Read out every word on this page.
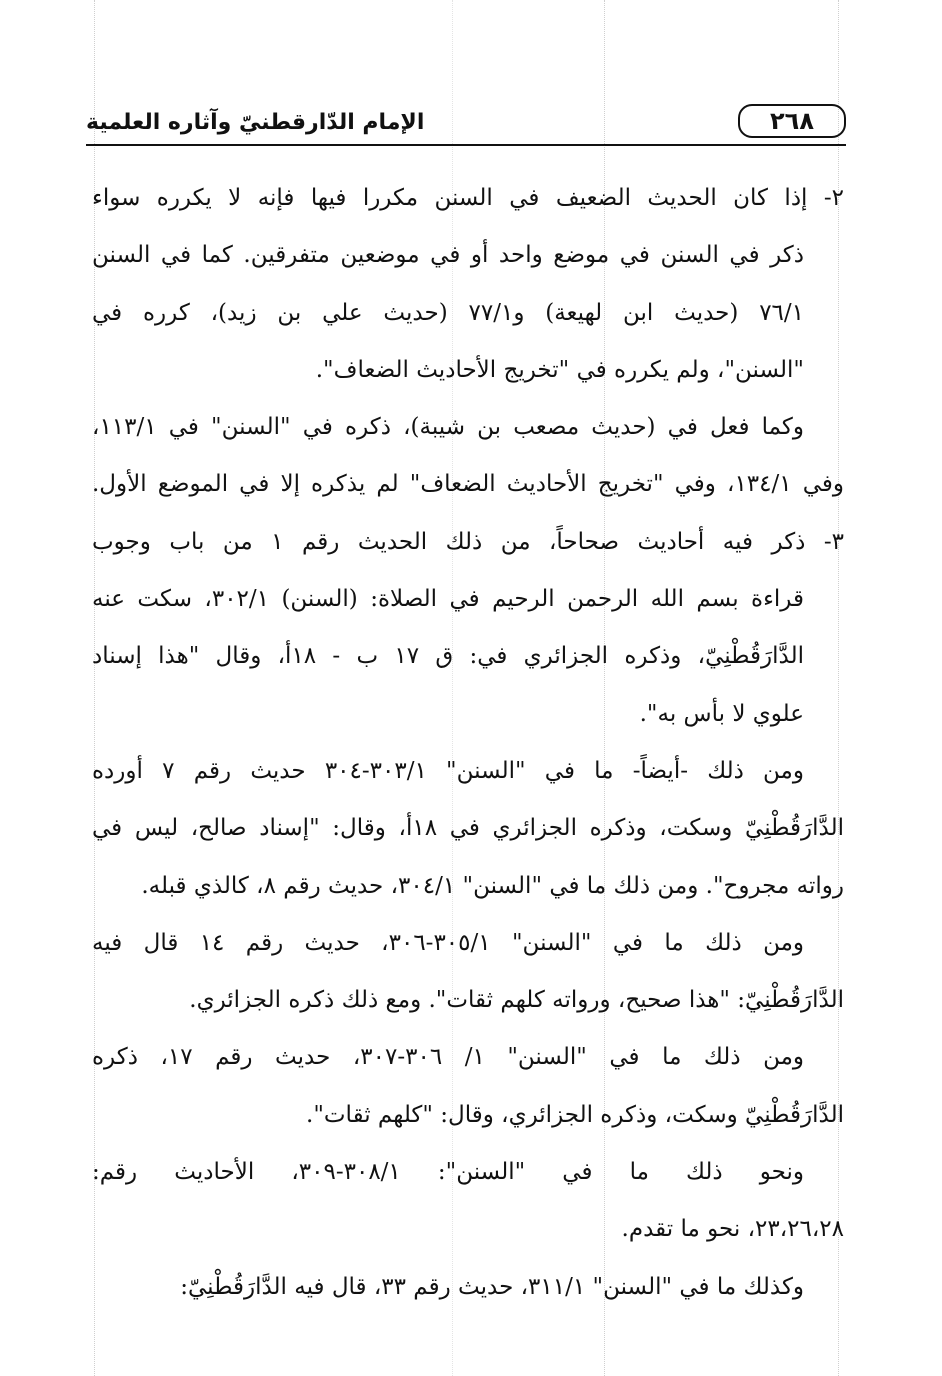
٢٦٨
الإمام الدّارقطنيّ وآثاره العلمية
٢- إذا كان الحديث الضعيف في السنن مكررا فيها فإنه لا يكرره سواء
ذكر في السنن في موضع واحد أو في موضعين متفرقين. كما في السنن
٧٦/١ (حديث ابن لهيعة) و٧٧/١ (حديث علي بن زيد)، كرره في
"السنن"، ولم يكرره في "تخريج الأحاديث الضعاف".
وكما فعل في (حديث مصعب بن شيبة)، ذكره في "السنن" في ١١٣/١،
وفي ١٣٤/١، وفي "تخريج الأحاديث الضعاف" لم يذكره إلا في الموضع الأول.
٣- ذكر فيه أحاديث صحاحاً، من ذلك الحديث رقم ١ من باب وجوب
قراءة بسم الله الرحمن الرحيم في الصلاة: (السنن) ٣٠٢/١، سكت عنه
الدَّارَقُطْنِيّ، وذكره الجزائري في: ق ١٧ ب - ١٨أ، وقال "هذا إسناد
علوي لا بأس به".
ومن ذلك -أيضاً- ما في "السنن" ٣٠٣/١-٣٠٤ حديث رقم ٧ أورده
الدَّارَقُطْنِيّ وسكت، وذكره الجزائري في ١٨أ، وقال: "إسناد صالح، ليس في
رواته مجروح". ومن ذلك ما في "السنن" ٣٠٤/١، حديث رقم ٨، كالذي قبله.
ومن ذلك ما في "السنن" ٣٠٥/١-٣٠٦، حديث رقم ١٤ قال فيه
الدَّارَقُطْنِيّ: "هذا صحيح، ورواته كلهم ثقات". ومع ذلك ذكره الجزائري.
ومن ذلك ما في "السنن" ١/ ٣٠٦-٣٠٧، حديث رقم ١٧، ذكره
الدَّارَقُطْنِيّ وسكت، وذكره الجزائري، وقال: "كلهم ثقات".
ونحو ذلك ما في "السنن": ٣٠٨/١-٣٠٩، الأحاديث رقم:
٢٣،٢٦،٢٨، نحو ما تقدم.
وكذلك ما في "السنن" ٣١١/١، حديث رقم ٣٣، قال فيه الدَّارَقُطْنِيّ:
